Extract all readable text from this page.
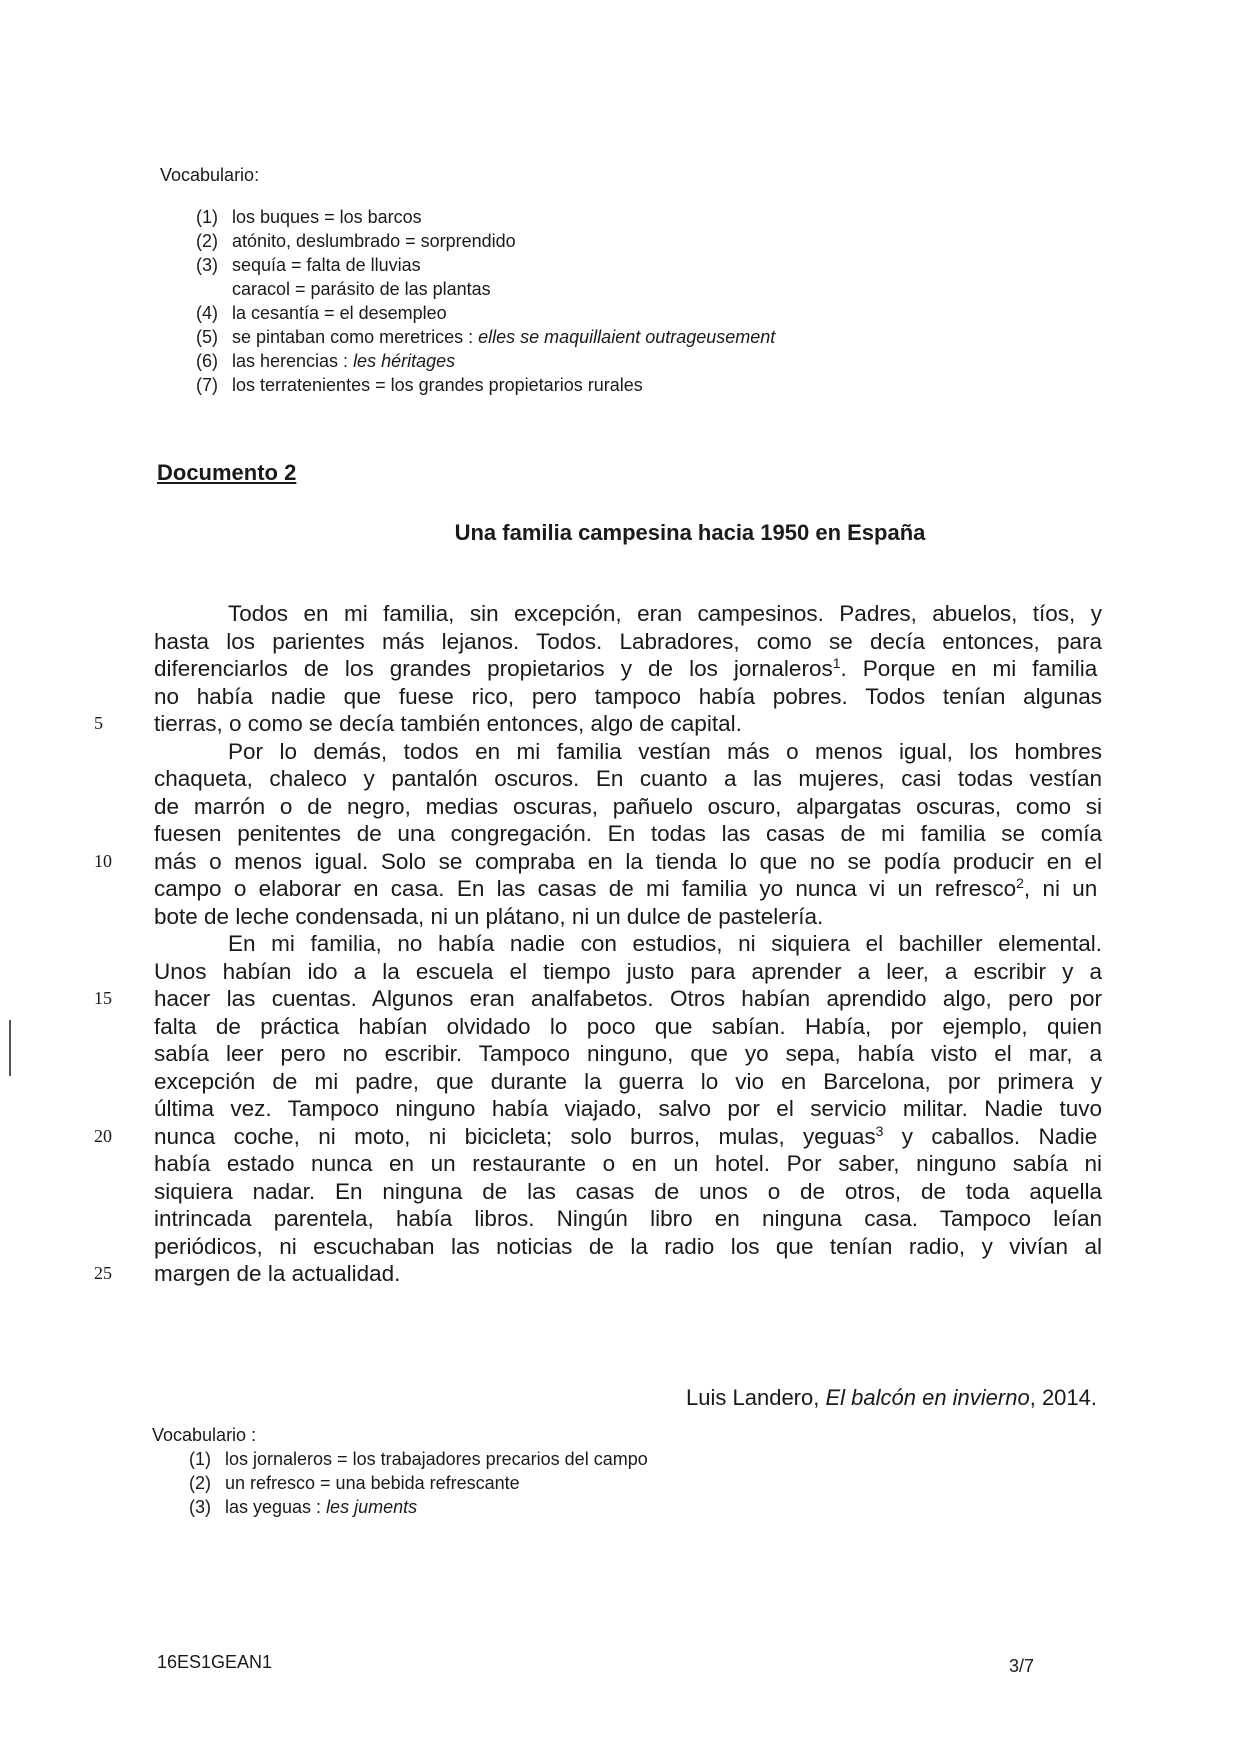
Vocabulario:
(1) los buques = los barcos
(2) atónito, deslumbrado = sorprendido
(3) sequía = falta de lluvias
caracol = parásito de las plantas
(4) la cesantía = el desempleo
(5) se pintaban como meretrices : elles se maquillaient outrageusement
(6) las herencias : les héritages
(7) los terratenientes = los grandes propietarios rurales
Documento 2
Una familia campesina hacia 1950 en España
Todos en mi familia, sin excepción, eran campesinos. Padres, abuelos, tíos, y
hasta los parientes más lejanos. Todos. Labradores, como se decía entonces, para
diferenciarlos de los grandes propietarios y de los jornaleros$^1$. Porque en mi familia
no había nadie que fuese rico, pero tampoco había pobres. Todos tenían algunas
5	tierras, o como se decía también entonces, algo de capital.
Por lo demás, todos en mi familia vestían más o menos igual, los hombres
chaqueta, chaleco y pantalón oscuros. En cuanto a las mujeres, casi todas vestían
de marrón o de negro, medias oscuras, pañuelo oscuro, alpargatas oscuras, como si
fuesen penitentes de una congregación. En todas las casas de mi familia se comía
10	más o menos igual. Solo se compraba en la tienda lo que no se podía producir en el
campo o elaborar en casa. En las casas de mi familia yo nunca vi un refresco$^2$, ni un
bote de leche condensada, ni un plátano, ni un dulce de pastelería.
En mi familia, no había nadie con estudios, ni siquiera el bachiller elemental.
Unos habían ido a la escuela el tiempo justo para aprender a leer, a escribir y a
15	hacer las cuentas. Algunos eran analfabetos. Otros habían aprendido algo, pero por
falta de práctica habían olvidado lo poco que sabían. Había, por ejemplo, quien
sabía leer pero no escribir. Tampoco ninguno, que yo sepa, había visto el mar, a
excepción de mi padre, que durante la guerra lo vio en Barcelona, por primera y
última vez. Tampoco ninguno había viajado, salvo por el servicio militar. Nadie tuvo
20	nunca coche, ni moto, ni bicicleta; solo burros, mulas, yeguas$^3$ y caballos. Nadie
había estado nunca en un restaurante o en un hotel. Por saber, ninguno sabía ni
siquiera nadar. En ninguna de las casas de unos o de otros, de toda aquella
intrincada parentela, había libros. Ningún libro en ninguna casa. Tampoco leían
periódicos, ni escuchaban las noticias de la radio los que tenían radio, y vivían al
25	margen de la actualidad.
Luis Landero, El balcón en invierno, 2014.
Vocabulario :
(1) los jornaleros = los trabajadores precarios del campo
(2) un refresco = una bebida refrescante
(3) las yeguas : les juments
16ES1GEAN1	3/7
